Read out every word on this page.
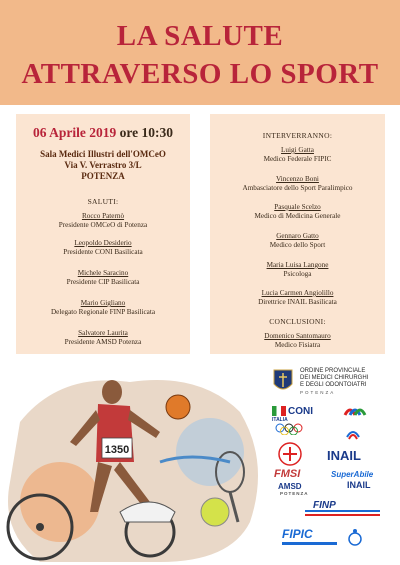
LA SALUTE
ATTRAVERSO LO SPORT
06 Aprile 2019 ore 10:30
Sala Medici Illustri dell'OMCeO
Via V. Verrastro 3/L
POTENZA
SALUTI:
Rocco Paternò
Presidente OMCeO di Potenza
Leopoldo Desiderio
Presidente CONI Basilicata
Michele Saracino
Presidente CIP Basilicata
Mario Gigliano
Delegato Regionale FINP Basilicata
Salvatore Laurita
Presidente AMSD Potenza
INTERVERRANNO:
Luigi Gatta
Medico Federale FIPIC
Vincenzo Boni
Ambasciatore dello Sport Paralimpico
Pasquale Scelzo
Medico di Medicina Generale
Gennaro Gatto
Medico dello Sport
Maria Luisa Langone
Psicologa
Lucia Carmen Angiolillo
Direttrice INAIL Basilicata
CONCLUSIONI:
Domenico Santomauro
Medico Fisiatra
1350
ORDINE PROVINCIALE
DEI MEDICI CHIRURGHI
E DEGLI ODONTOIATRI
POTENZA
CONI
ITALIA
FMSI
INAIL
AMSD
POTENZA
SuperAbile
INAIL
FINP
FIPIC
